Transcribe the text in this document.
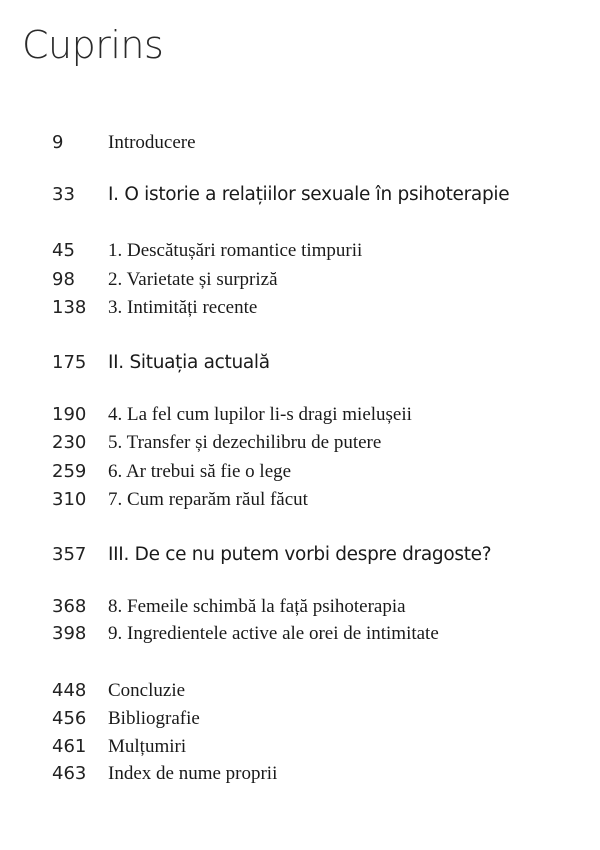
Cuprins
9 Introducere
33 I. O istorie a relațiilor sexuale în psihoterapie
45 1. Descătușări romantice timpurii
98 2. Varietate și surpriză
138 3. Intimități recente
175 II. Situația actuală
190 4. La fel cum lupilor li-s dragi mielușeii
230 5. Transfer și dezechilibru de putere
259 6. Ar trebui să fie o lege
310 7. Cum reparăm răul făcut
357 III. De ce nu putem vorbi despre dragoste?
368 8. Femeile schimbă la față psihoterapia
398 9. Ingredientele active ale orei de intimitate
448 Concluzie
456 Bibliografie
461 Mulțumiri
463 Index de nume proprii
